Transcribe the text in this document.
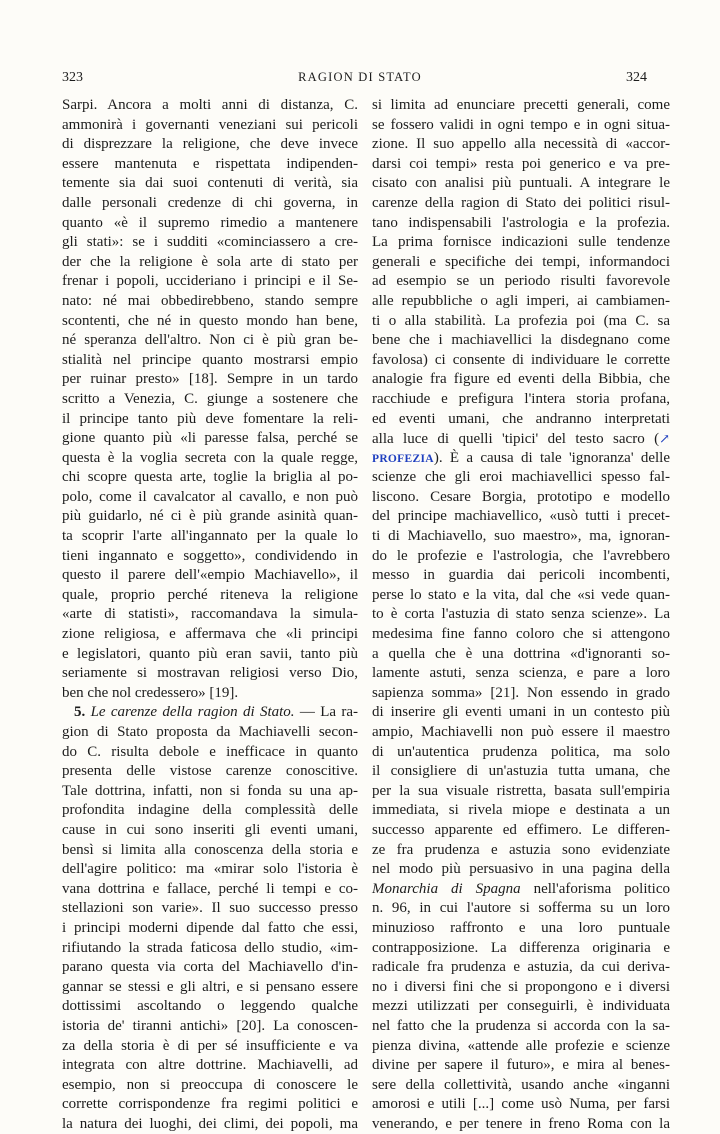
323	RAGION DI STATO	324
Sarpi. Ancora a molti anni di distanza, C.
ammonirà i governanti veneziani sui pericoli
di disprezzare la religione, che deve invece
essere mantenuta e rispettata indipenden-
temente sia dai suoi contenuti di verità, sia
dalle personali credenze di chi governa, in
quanto «è il supremo rimedio a mantenere
gli stati»: se i sudditi «cominciassero a cre-
der che la religione è sola arte di stato per
frenar i popoli, ucciderianо i principi e il Se-
nato: né mai obbedirebbeno, stando sempre
scontenti, che né in questo mondo han bene,
né speranza dell'altro. Non ci è più gran be-
stialità nel principe quanto mostrarsi empio
per ruinar presto» [18]. Sempre in un tardo
scritto a Venezia, C. giunge a sostenere che
il principe tanto più deve fomentare la reli-
gione quanto più «li paresse falsa, perché se
questa è la voglia secreta con la quale regge,
chi scopre questa arte, toglie la briglia al po-
polo, come il cavalcator al cavallo, e non può
più guidarlo, né ci è più grande asinità quan-
ta scoprir l'arte all'ingannato per la quale lo
tieni ingannato e soggetto», condividendo in
questo il parere dell'«empio Machiavello», il
quale, proprio perché riteneva la religione
«arte di statisti», raccomandava la simula-
zione religiosa, e affermava che «li principi
e legislatori, quanto più eran savii, tanto più
seriamente si mostravan religiosi verso Dio,
ben che nol credessero» [19].
5. Le carenze della ragion di Stato. — La ra-
gion di Stato proposta da Machiavelli secon-
do C. risulta debole e inefficace in quanto
presenta delle vistose carenze conoscitive.
Tale dottrina, infatti, non si fonda su una ap-
profondita indagine della complessità delle
cause in cui sono inseriti gli eventi umani,
bensì si limita alla conoscenza della storia e
dell'agire politico: ma «mirar solo l'istoria è
vana dottrina e fallace, perché li tempi e co-
stellazioni son varie». Il suo successo presso
i principi moderni dipende dal fatto che essi,
rifiutando la strada faticosa dello studio, «im-
parano questa via corta del Machiavello d'in-
gannar se stessi e gli altri, e si pensano essere
dottissimi ascoltando o leggendo qualche
istoria de' tiranni antichi» [20]. La conoscen-
za della storia è di per sé insufficiente e va
integrata con altre dottrine. Machiavelli, ad
esempio, non si preoccupa di conoscere le
corrette corrispondenze fra regimi politici e
la natura dei luoghi, dei climi, dei popoli, ma
si limita ad enunciare precetti generali, come
se fossero validi in ogni tempo e in ogni situa-
zione. Il suo appello alla necessità di «accor-
darsi coi tempi» resta poi generico e va pre-
cisato con analisi più puntuali. A integrare le
carenze della ragion di Stato dei politici risul-
tano indispensabili l'astrologia e la profezia.
La prima fornisce indicazioni sulle tendenze
generali e specifiche dei tempi, informandoci
ad esempio se un periodo risulti favorevole
alle repubbliche o agli imperi, ai cambiamen-
ti o alla stabilità. La profezia poi (ma C. sa
bene che i machiavellici la disdegnano come
favolosa) ci consente di individuare le corrette
analogie fra figure ed eventi della Bibbia, che
racchiude e prefigura l'intera storia profana,
ed eventi umani, che andranno interpretati
alla luce di quelli 'tipici' del testo sacro (↗
PROFEZIA). È a causa di tale 'ignoranza' delle
scienze che gli eroi machiavellici spesso fal-
liscono. Cesare Borgia, prototipo e modello
del principe machiavellico, «usò tutti i precet-
ti di Machiavello, suo maestro», ma, ignoran-
do le profezie e l'astrologia, che l'avrebbero
messo in guardia dai pericoli incombenti,
perse lo stato e la vita, dal che «si vede quan-
to è corta l'astuzia di stato senza scienze». La
medesima fine fanno coloro che si attengono
a quella che è una dottrina «d'ignoranti so-
lamente astuti, senza scienza, e pare a loro
sapienza somma» [21]. Non essendo in grado
di inserire gli eventi umani in un contesto più
ampio, Machiavelli non può essere il maestro
di un'autentica prudenza politica, ma solo
il consigliere di un'astuzia tutta umana, che
per la sua visuale ristretta, basata sull'empiria
immediata, si rivela miope e destinata a un
successo apparente ed effimero. Le differen-
ze fra prudenza e astuzia sono evidenziate
nel modo più persuasivo in una pagina della
Monarchia di Spagna nell'aforisma politico
n. 96, in cui l'autore si sofferma su un loro
minuzioso raffronto e una loro puntuale
contrapposizione. La differenza originaria e
radicale fra prudenza e astuzia, da cui deriva-
no i diversi fini che si propongono e i diversi
mezzi utilizzati per conseguirli, è individuata
nel fatto che la prudenza si accorda con la sa-
pienza divina, «attende alle profezie e scienze
divine per sapere il futuro», e mira al benes-
sere della collettività, usando anche «inganni
amorosi e utili [...] come usò Numa, per farsi
venerando, e per tenere in freno Roma con la
